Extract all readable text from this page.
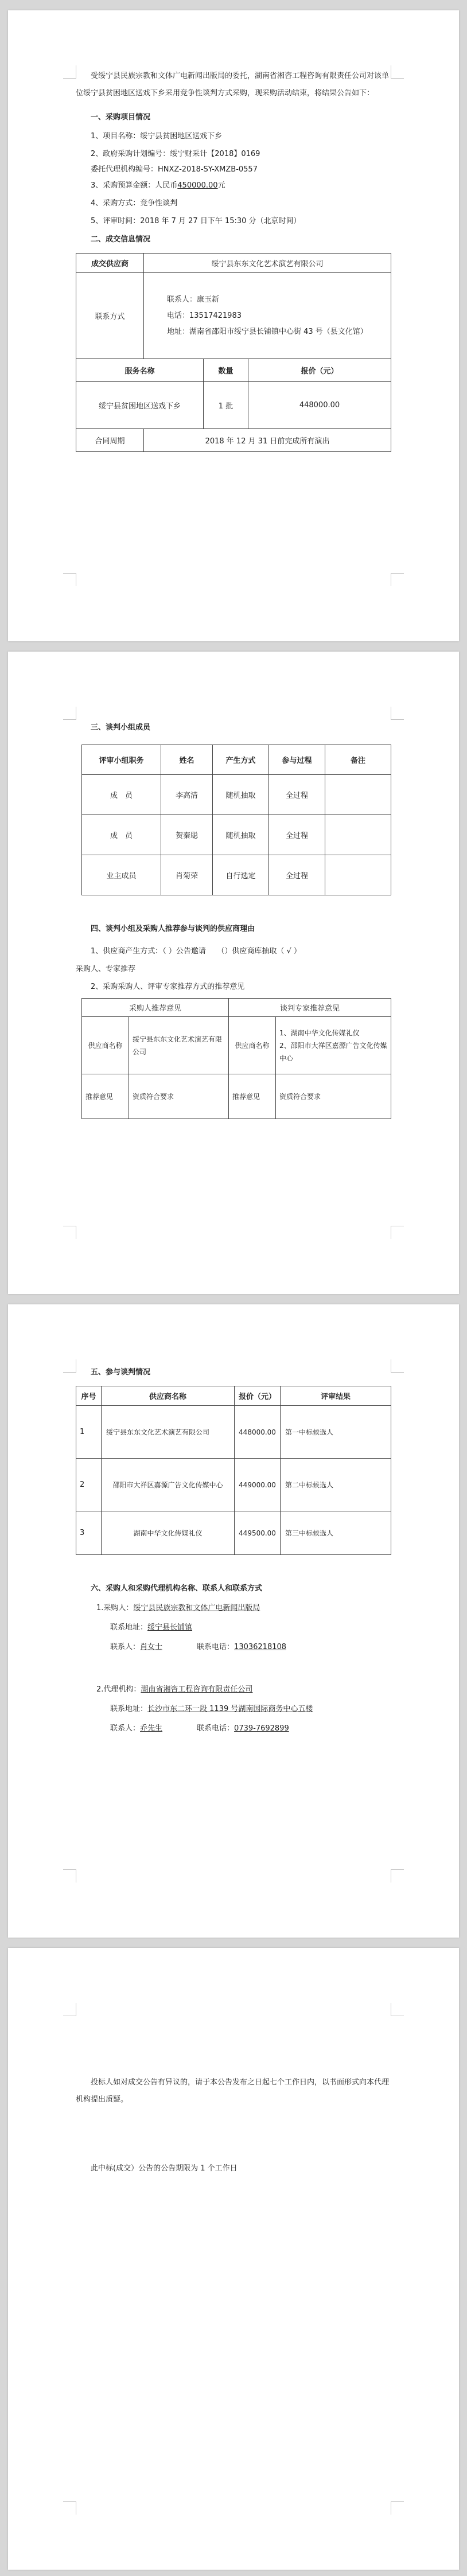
受绥宁县民族宗教和文体广电新闻出版局的委托，湖南省湘咨工程咨询有限责任公司对该单位绥宁县贫困地区送戏下乡采用竞争性谈判方式采购，现采购活动结束，将结果公告如下：

一、采购项目情况

1、项目名称：绥宁县贫困地区送戏下乡

2、政府采购计划编号：绥宁财采计【2018】0169

委托代理机构编号：HNXZ-2018-SY-XMZB-0557

3、采购预算金额：人民币450000.00元

4、采购方式：竞争性谈判

5、评审时间：2018 年 7 月 27 日下午 15:30 分（北京时间）

二、成交信息情况

成交供应商	绥宁县东东文化艺术演艺有限公司		
联系方式	联系人：康玉新
电话：13517421983
地址：湖南省邵阳市绥宁县长铺镇中心街 43 号（县文化馆）		

服务名称		数量	报价（元）
绥宁县贫困地区送戏下乡		1 批	448000.00
合同周期	2018 年 12 月 31 日前完成所有演出		

三、谈判小组成员

评审小组职务	姓名	产生方式	参与过程	备注
成　员	李高清	随机抽取	全过程	
成　员	贺秦聪	随机抽取	全过程	
业主成员	肖菊荣	自行选定	全过程	

四、谈判小组及采购人推荐参与谈判的供应商理由

1、供应商产生方式：（ ）公告邀请　　（）供应商库抽取（ √ ）

采购人、专家推荐

2、采购采购人、评审专家推荐方式的推荐意见

采购人推荐意见		谈判专家推荐意见	
供应商名称	绥宁县东东文化艺术演艺有限公司	供应商名称	1、湖南中华文化传媒礼仪
2、邵阳市大祥区嘉源广告文化传媒中心

推荐意见	资质符合要求	推荐意见	资质符合要求

五、参与谈判情况

序号	供应商名称	报价（元）	评审结果
1	绥宁县东东文化艺术演艺有限公司	448000.00	第一中标候选人
2	邵阳市大祥区嘉源广告文化传媒中心	449000.00	第二中标候选人
3	湖南中华文化传媒礼仪	449500.00	第三中标候选人

六、采购人和采购代理机构名称、联系人和联系方式

1.采购人：绥宁县民族宗教和文体广电新闻出版局

联系地址：绥宁县长铺镇

联系人：肖女士	联系电话：13036218108

2.代理机构：湖南省湘咨工程咨询有限责任公司

联系地址：长沙市东二环一段 1139 号湖南国际商务中心五楼

联系人：乔先生	联系电话：0739-7692899

投标人如对成交公告有异议的，请于本公告发布之日起七个工作日内，以书面形式向本代理机构提出质疑。

此中标(成交）公告的公告期限为 1 个工作日
